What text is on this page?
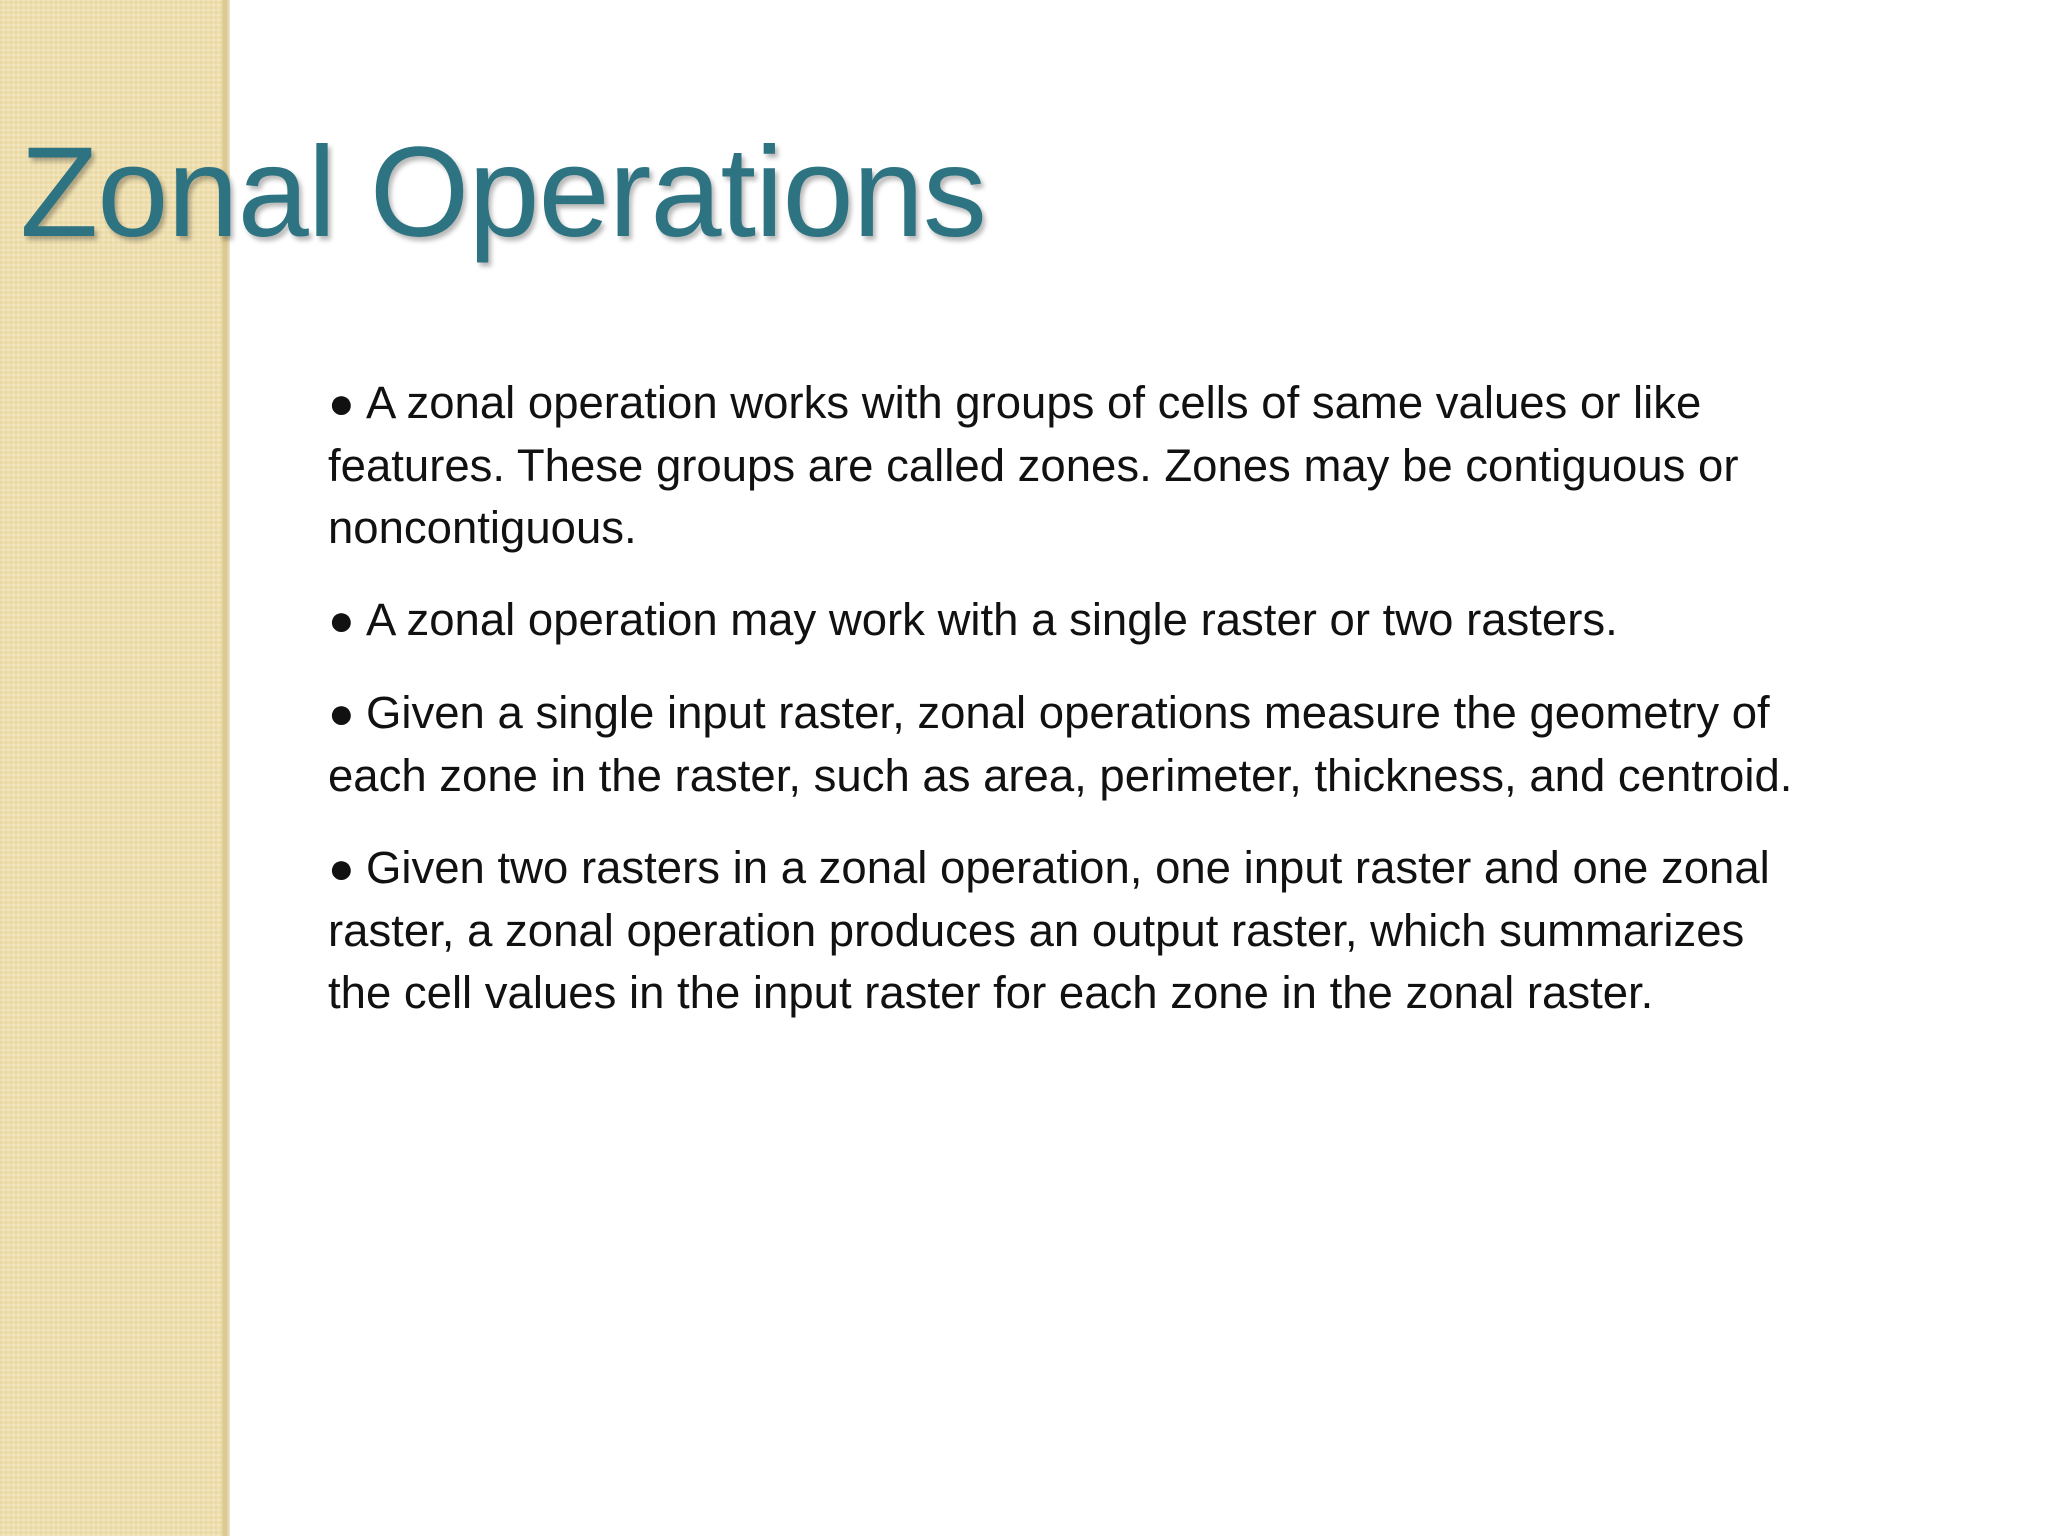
Zonal Operations

● A zonal operation works with groups of cells of same values or like features. These groups are called zones. Zones may be contiguous or noncontiguous.

● A zonal operation may work with a single raster or two rasters.

● Given a single input raster, zonal operations measure the geometry of each zone in the raster, such as area, perimeter, thickness, and centroid.

● Given two rasters in a zonal operation, one input raster and one zonal raster, a zonal operation produces an output raster, which summarizes the cell values in the input raster for each zone in the zonal raster.
